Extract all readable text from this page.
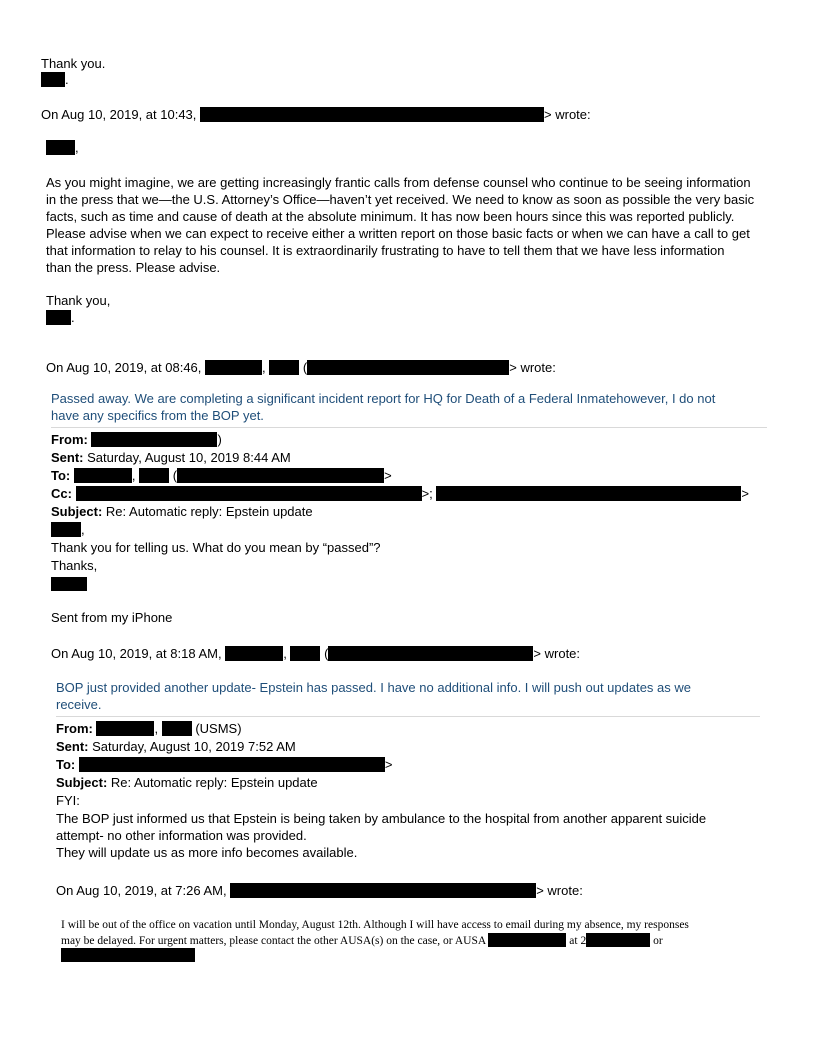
Thank you.
.
On Aug 10, 2019, at 10:43,	> wrote:
,
As you might imagine, we are getting increasingly frantic calls from defense counsel who continue to be seeing information
in the press that we—the U.S. Attorney’s Office—haven’t yet received. We need to know as soon as possible the very basic
facts, such as time and cause of death at the absolute minimum. It has now been hours since this was reported publicly.
Please advise when we can expect to receive either a written report on those basic facts or when we can have a call to get
that information to relay to his counsel. It is extraordinarily frustrating to have to tell them that we have less information
than the press. Please advise.
Thank you,
.
On Aug 10, 2019, at 08:46,	,	(	> wrote:
Passed away. We are completing a significant incident report for HQ for Death of a Federal Inmatehowever, I do not
have any specifics from the BOP yet.
From:	)
Sent: Saturday, August 10, 2019 8:44 AM
To:	,	(	>
Cc:	>;	>
Subject: Re: Automatic reply: Epstein update
,
Thank you for telling us. What do you mean by “passed”?
Thanks,
Sent from my iPhone
On Aug 10, 2019, at 8:18 AM,	,	(	> wrote:
BOP just provided another update- Epstein has passed. I have no additional info. I will push out updates as we
receive.
From:	,	(USMS)
Sent: Saturday, August 10, 2019 7:52 AM
To:	>
Subject: Re: Automatic reply: Epstein update
FYI:
The BOP just informed us that Epstein is being taken by ambulance to the hospital from another apparent suicide
attempt- no other information was provided.
They will update us as more info becomes available.
On Aug 10, 2019, at 7:26 AM,	> wrote:
I will be out of the office on vacation until Monday, August 12th. Although I will have access to email during my absence, my responses
may be delayed. For urgent matters, please contact the other AUSA(s) on the case, or AUSA	at 2	or
